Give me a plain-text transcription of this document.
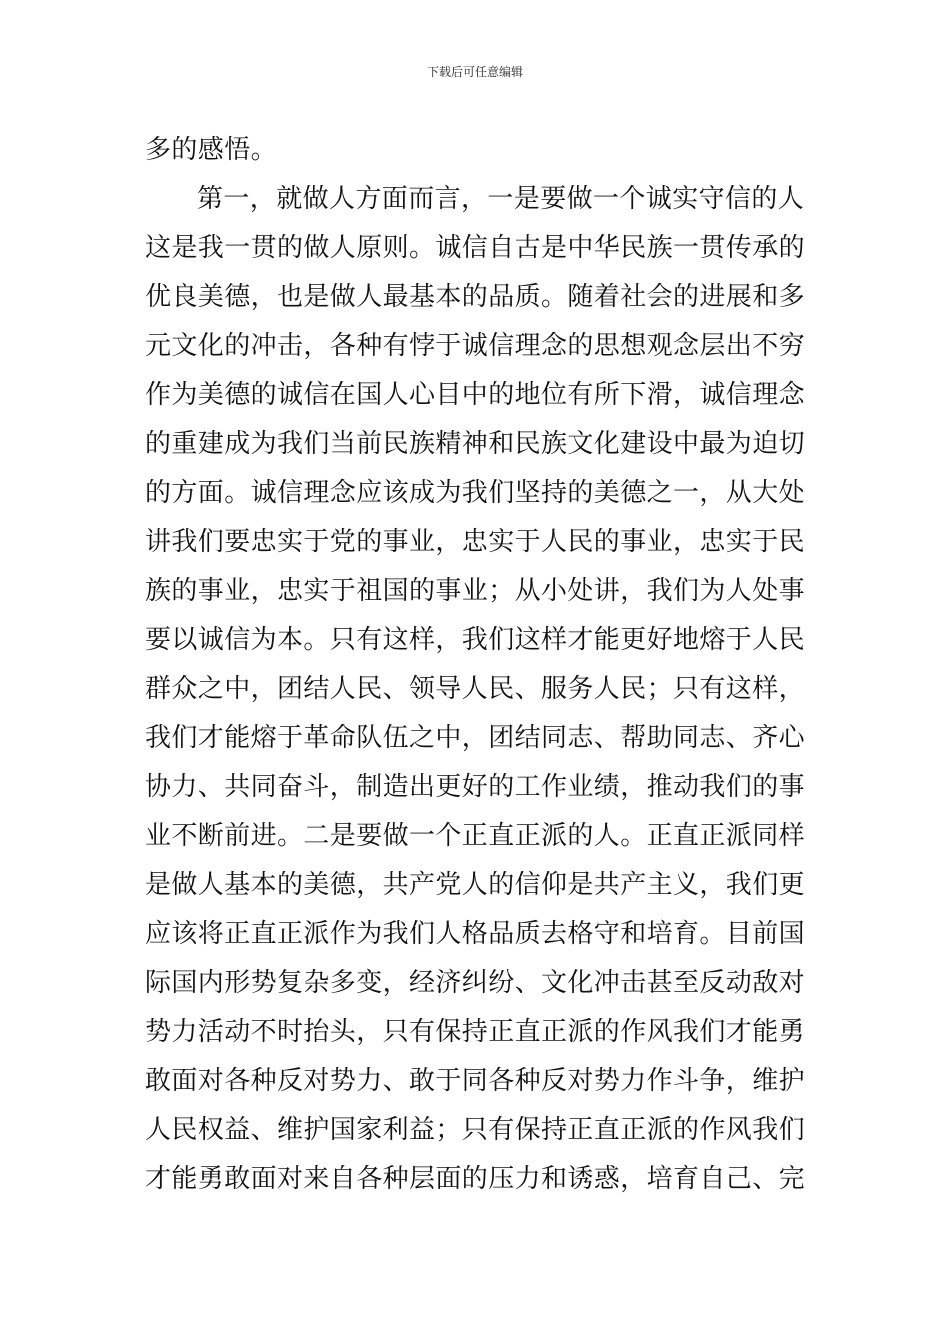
下载后可任意编辑
多的感悟。
第一，就做人方面而言，一是要做一个诚实守信的人
这是我一贯的做人原则。诚信自古是中华民族一贯传承的
优良美德，也是做人最基本的品质。随着社会的进展和多
元文化的冲击，各种有悖于诚信理念的思想观念层出不穷
作为美德的诚信在国人心目中的地位有所下滑，诚信理念
的重建成为我们当前民族精神和民族文化建设中最为迫切
的方面。诚信理念应该成为我们坚持的美德之一，从大处
讲我们要忠实于党的事业，忠实于人民的事业，忠实于民
族的事业，忠实于祖国的事业；从小处讲，我们为人处事
要以诚信为本。只有这样，我们这样才能更好地熔于人民
群众之中，团结人民、领导人民、服务人民；只有这样，
我们才能熔于革命队伍之中，团结同志、帮助同志、齐心
协力、共同奋斗，制造出更好的工作业绩，推动我们的事
业不断前进。二是要做一个正直正派的人。正直正派同样
是做人基本的美德，共产党人的信仰是共产主义，我们更
应该将正直正派作为我们人格品质去格守和培育。目前国
际国内形势复杂多变，经济纠纷、文化冲击甚至反动敌对
势力活动不时抬头，只有保持正直正派的作风我们才能勇
敢面对各种反对势力、敢于同各种反对势力作斗争，维护
人民权益、维护国家利益；只有保持正直正派的作风我们
才能勇敢面对来自各种层面的压力和诱惑，培育自己、完
